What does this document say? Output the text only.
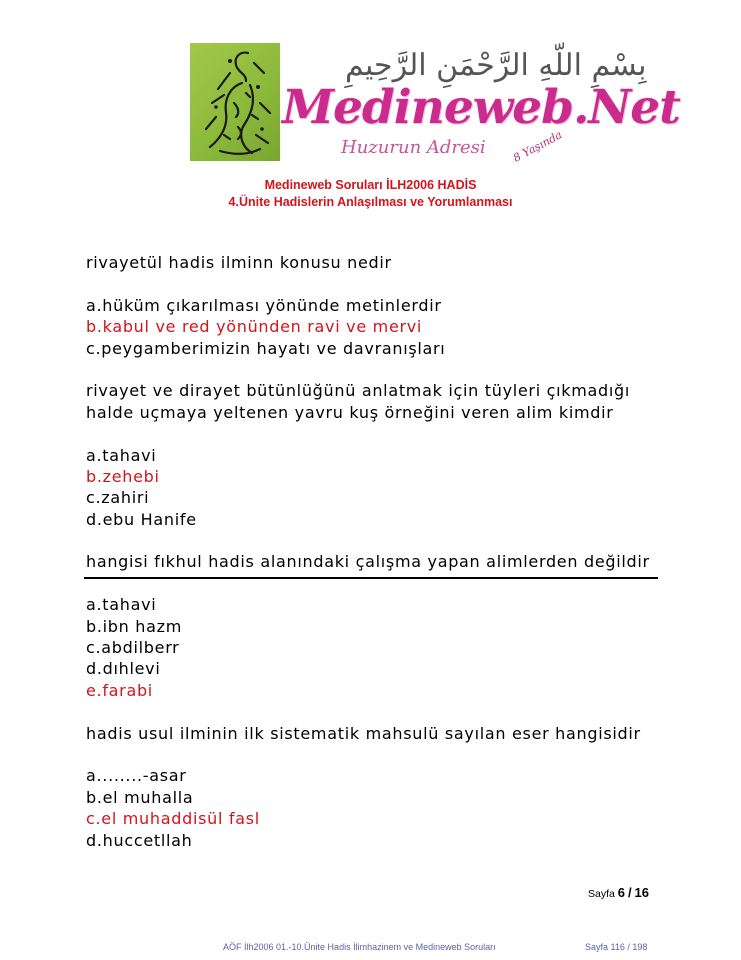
بِسْمِ اللّهِ الرَّحْمَنِ الرَّحِيمِ
Medineweb.Net
Huzurun Adresi 8 Yaşında
Medineweb Soruları İLH2006 HADİS
4.Ünite Hadislerin Anlaşılması ve Yorumlanması
rivayetül hadis ilminn konusu nedir
a.hüküm çıkarılması yönünde metinlerdir
b.kabul ve red yönünden ravi ve mervi
c.peygamberimizin hayatı ve davranışları
rivayet ve dirayet bütünlüğünü anlatmak için tüyleri çıkmadığı
halde uçmaya yeltenen yavru kuş örneğini veren alim kimdir
a.tahavi
b.zehebi
c.zahiri
d.ebu Hanife
hangisi fıkhul hadis alanındaki çalışma yapan alimlerden değildir
a.tahavi
b.ibn hazm
c.abdilberr
d.dıhlevi
e.farabi
hadis usul ilminin ilk sistematik mahsulü sayılan eser hangisidir
a........-asar
b.el muhalla
c.el muhaddisül fasl
d.huccetllah
Sayfa 6 / 16
AÖF İlh2006 01.-10.Ünite Hadis İlimhazinem ve Medineweb Soruları	Sayfa 116 / 198
